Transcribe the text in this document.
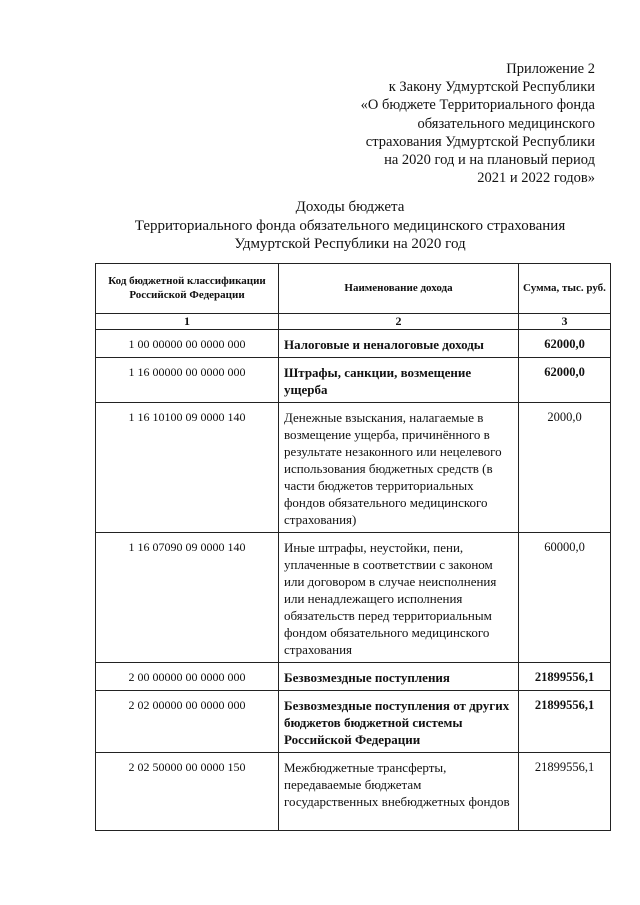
Приложение 2
к Закону Удмуртской Республики
«О бюджете Территориального фонда
обязательного медицинского
страхования Удмуртской Республики
на 2020 год и на плановый период
2021 и 2022 годов»
Доходы бюджета
Территориального фонда обязательного медицинского страхования
Удмуртской Республики на 2020 год
Код бюджетной классификации Российской Федерации	Наименование дохода	Сумма, тыс. руб.
1	2	3
1 00 00000 00 0000 000	Налоговые и неналоговые доходы	62000,0
1 16 00000 00 0000 000	Штрафы, санкции, возмещение ущерба	62000,0
1 16 10100 09 0000 140	Денежные взыскания, налагаемые в возмещение ущерба, причинённого в результате незаконного или нецелевого использования бюджетных средств (в части бюджетов территориальных фондов обязательного медицинского страхования)	2000,0
1 16 07090 09 0000 140	Иные штрафы, неустойки, пени, уплаченные в соответствии с законом или договором в случае неисполнения или ненадлежащего исполнения обязательств перед территориальным фондом обязательного медицинского страхования	60000,0
2 00 00000 00 0000 000	Безвозмездные поступления	21899556,1
2 02 00000 00 0000 000	Безвозмездные поступления от других бюджетов бюджетной системы Российской Федерации	21899556,1
2 02 50000 00 0000 150	Межбюджетные трансферты, передаваемые бюджетам государственных внебюджетных фондов	21899556,1
